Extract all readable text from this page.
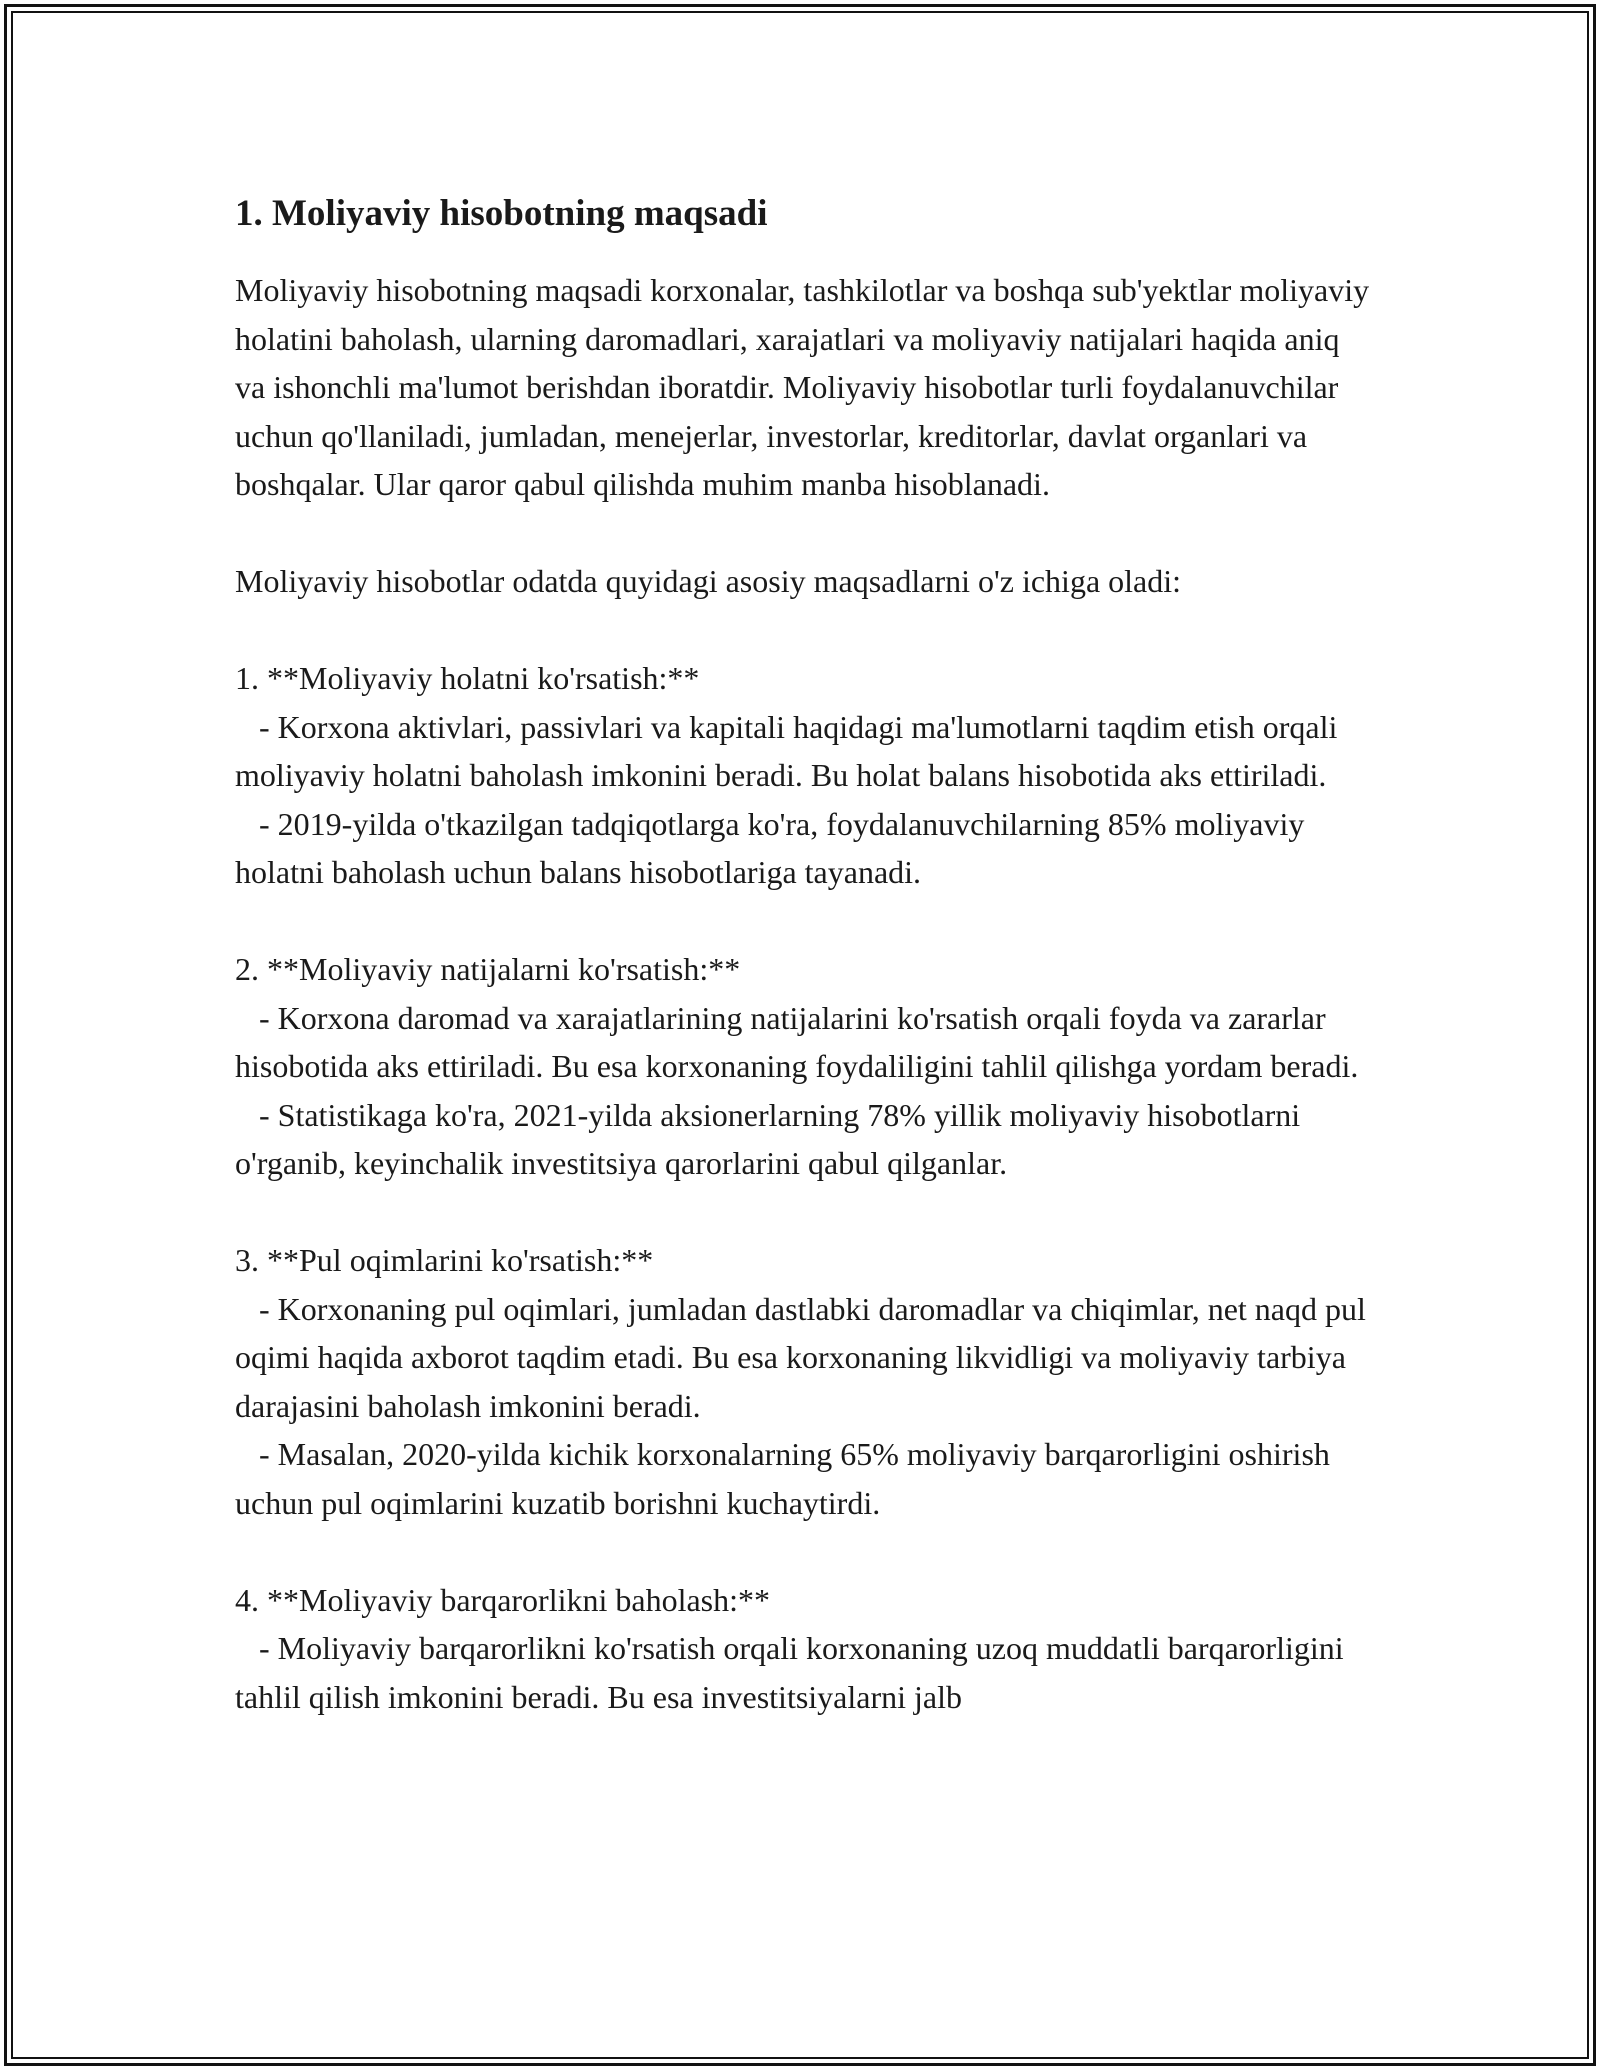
1. Moliyaviy hisobotning maqsadi

Moliyaviy hisobotning maqsadi korxonalar, tashkilotlar va boshqa sub'yektlar moliyaviy holatini baholash, ularning daromadlari, xarajatlari va moliyaviy natijalari haqida aniq va ishonchli ma'lumot berishdan iboratdir. Moliyaviy hisobotlar turli foydalanuvchilar uchun qo'llaniladi, jumladan, menejerlar, investorlar, kreditorlar, davlat organlari va boshqalar. Ular qaror qabul qilishda muhim manba hisoblanadi.

Moliyaviy hisobotlar odatda quyidagi asosiy maqsadlarni o'z ichiga oladi:

1. **Moliyaviy holatni ko'rsatish:**

- Korxona aktivlari, passivlari va kapitali haqidagi ma'lumotlarni taqdim etish orqali moliyaviy holatni baholash imkonini beradi. Bu holat balans hisobotida aks ettiriladi.

- 2019-yilda o'tkazilgan tadqiqotlarga ko'ra, foydalanuvchilarning 85% moliyaviy holatni baholash uchun balans hisobotlariga tayanadi.

2. **Moliyaviy natijalarni ko'rsatish:**

- Korxona daromad va xarajatlarining natijalarini ko'rsatish orqali foyda va zararlar hisobotida aks ettiriladi. Bu esa korxonaning foydaliligini tahlil qilishga yordam beradi.

- Statistikaga ko'ra, 2021-yilda aksionerlarning 78% yillik moliyaviy hisobotlarni o'rganib, keyinchalik investitsiya qarorlarini qabul qilganlar.

3. **Pul oqimlarini ko'rsatish:**

- Korxonaning pul oqimlari, jumladan dastlabki daromadlar va chiqimlar, net naqd pul oqimi haqida axborot taqdim etadi. Bu esa korxonaning likvidligi va moliyaviy tarbiya darajasini baholash imkonini beradi.

- Masalan, 2020-yilda kichik korxonalarning 65% moliyaviy barqarorligini oshirish uchun pul oqimlarini kuzatib borishni kuchaytirdi.

4. **Moliyaviy barqarorlikni baholash:**

- Moliyaviy barqarorlikni ko'rsatish orqali korxonaning uzoq muddatli barqarorligini tahlil qilish imkonini beradi. Bu esa investitsiyalarni jalb
